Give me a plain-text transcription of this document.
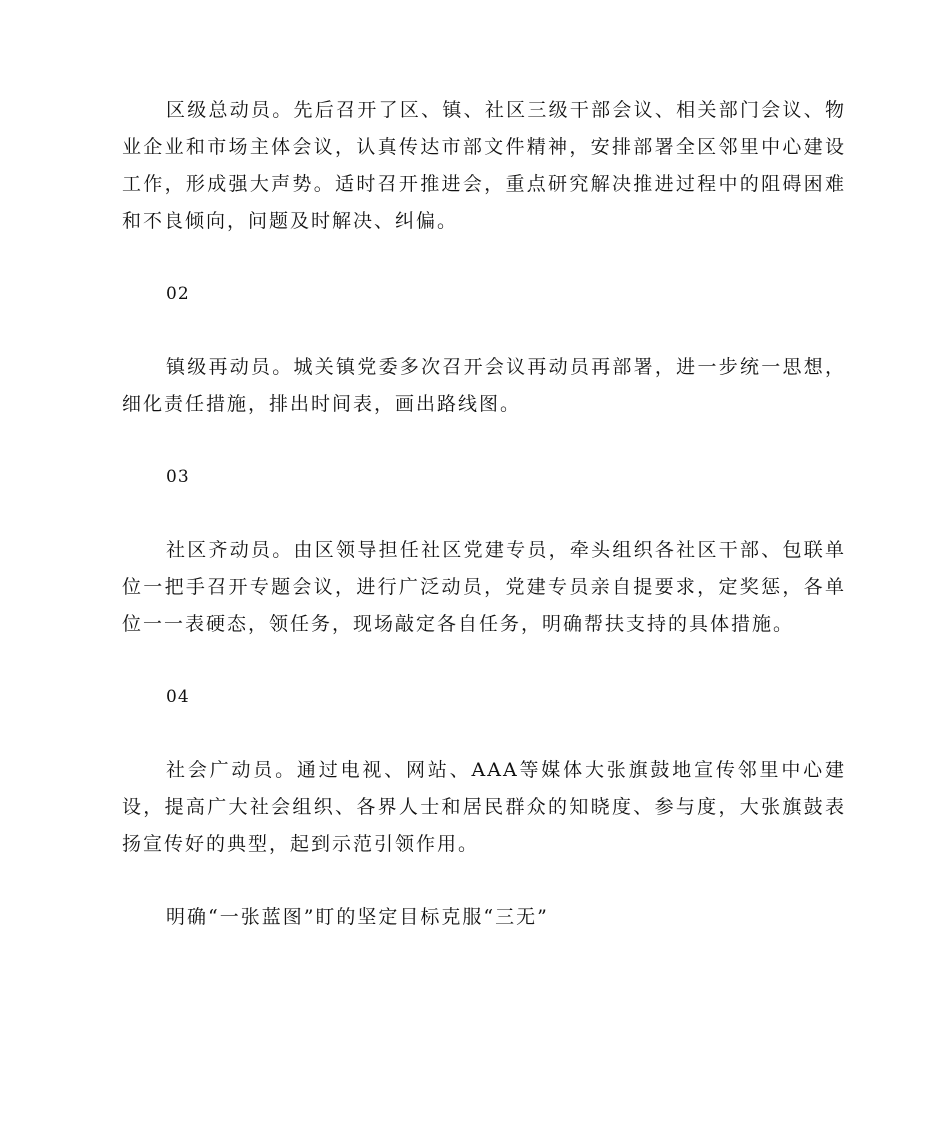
区级总动员。先后召开了区、镇、社区三级干部会议、相关部门会议、物业企业和市场主体会议，认真传达市部文件精神，安排部署全区邻里中心建设工作，形成强大声势。适时召开推进会，重点研究解决推进过程中的阻碍困难和不良倾向，问题及时解决、纠偏。

02

镇级再动员。城关镇党委多次召开会议再动员再部署，进一步统一思想，细化责任措施，排出时间表，画出路线图。

03

社区齐动员。由区领导担任社区党建专员，牵头组织各社区干部、包联单位一把手召开专题会议，进行广泛动员，党建专员亲自提要求，定奖惩，各单位一一表硬态，领任务，现场敲定各自任务，明确帮扶支持的具体措施。

04

社会广动员。通过电视、网站、AAA等媒体大张旗鼓地宣传邻里中心建设，提高广大社会组织、各界人士和居民群众的知晓度、参与度，大张旗鼓表扬宣传好的典型，起到示范引领作用。

明确“一张蓝图”盯的坚定目标克服“三无”
